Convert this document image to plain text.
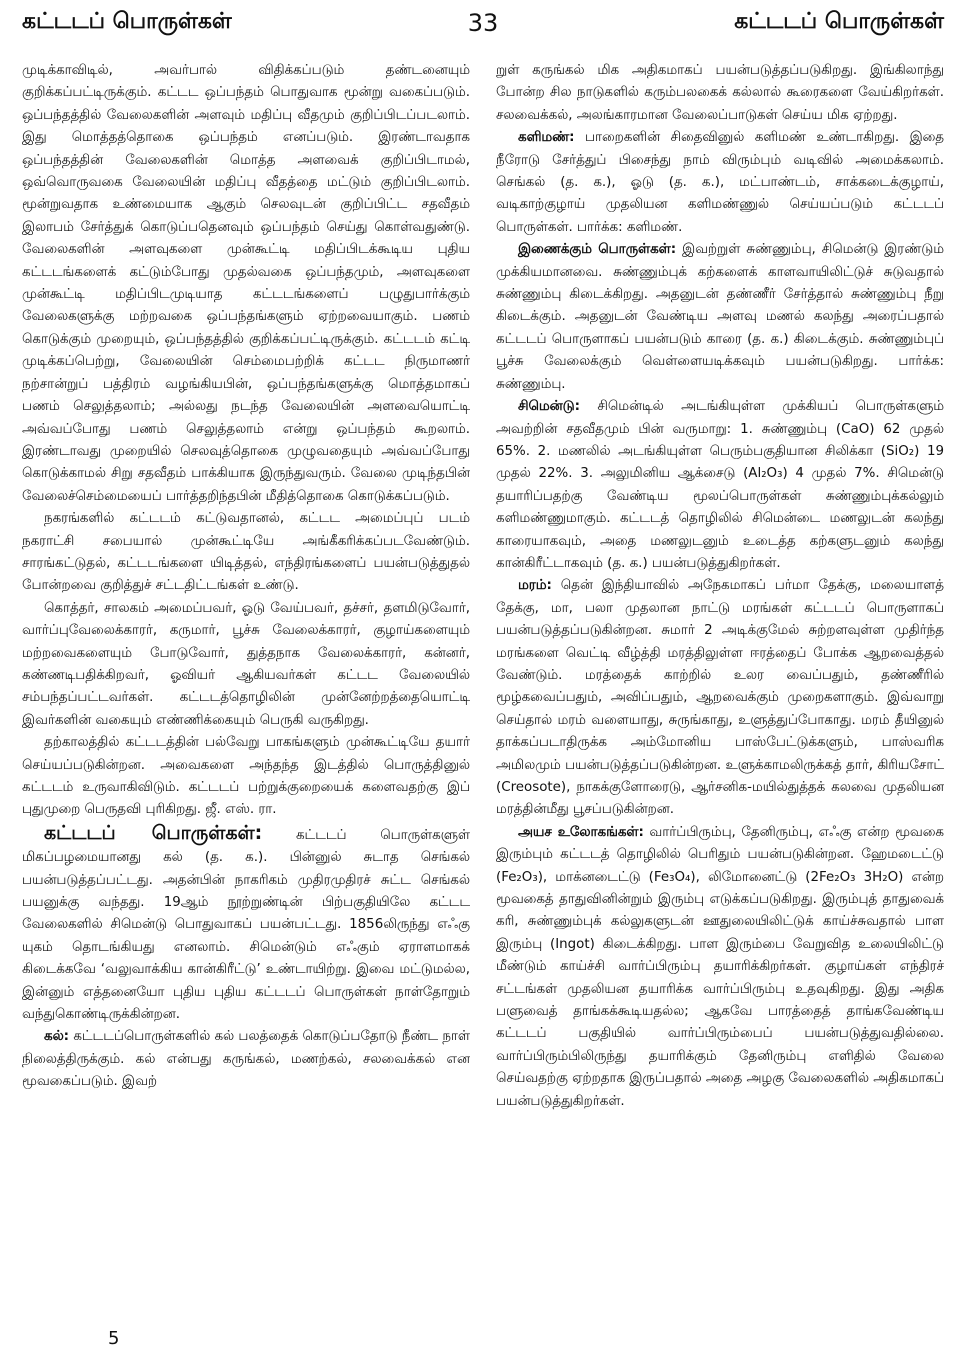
கட்டடப் பொருள்கள்	33	கட்டடப் பொருள்கள்

முடிக்காவிடில், அவர்பால் விதிக்கப்படும் தண்டனையும் குறிக்கப்பட்டிருக்கும். கட்டட ஒப்பந்தம் பொதுவாக மூன்று வகைப்படும். ஒப்பந்தத்தில் வேலைகளின் அளவும் மதிப்பு வீதமும் குறிப்பிடப்படலாம். இது மொத்தத்தொகை ஒப்பந்தம் எனப்படும். இரண்டாவதாக ஒப்பந்தத்தின் வேலைகளின் மொத்த அளவைக் குறிப்பிடாமல், ஒவ்வொருவகை வேலையின் மதிப்பு வீதத்தை மட்டும் குறிப்பிடலாம். மூன்றுவதாக உண்மையாக ஆகும் செலவுடன் குறிப்பிட்ட சதவீதம் இலாபம் சேர்த்துக் கொடுப்பதெனவும் ஒப்பந்தம் செய்து கொள்வதுண்டு. வேலைகளின் அளவுகளை முன்கூட்டி மதிப்பிடக்கூடிய புதிய கட்டடங்களைக் கட்டும்போது முதல்வகை ஒப்பந்தமும், அளவுகளை முன்கூட்டி மதிப்பிடமுடியாத கட்டடங்களைப் பழுதுபார்க்கும் வேலைகளுக்கு மற்றவகை ஒப்பந்தங்களும் ஏற்றவையாகும். பணம் கொடுக்கும் முறையும், ஒப்பந்தத்தில் குறிக்கப்பட்டிருக்கும். கட்டடம் கட்டி முடிக்கப்பெற்று, வேலையின் செம்மைபற்றிக் கட்டட நிருமாணர் நற்சான்றுப் பத்திரம் வழங்கியபின், ஒப்பந்தங்களுக்கு மொத்தமாகப் பணம் செலுத்தலாம்; அல்லது நடந்த வேலையின் அளவையொட்டி அவ்வப்போது பணம் செலுத்தலாம் என்று ஒப்பந்தம் கூறலாம். இரண்டாவது முறையில் செலவுத்தொகை முழுவதையும் அவ்வப்போது கொடுக்காமல் சிறு சதவீதம் பாக்கியாக இருந்துவரும். வேலை முடிந்தபின் வேலைச்செம்மையைப் பார்த்தறிந்தபின் மீதித்தொகை கொடுக்கப்படும்.

நகரங்களில் கட்டடம் கட்டுவதானல், கட்டட அமைப்புப் படம் நகராட்சி சபையால் முன்கூட்டியே அங்கீகரிக்கப்படவேண்டும். சாரங்கட்டுதல், கட்டடங்களை யிடித்தல், எந்திரங்களைப் பயன்படுத்துதல் போன்றவை குறித்துச் சட்டதிட்டங்கள் உண்டு.

கொத்தர், சாலகம் அமைப்பவர், ஓடு வேய்பவர், தச்சர், தளமிடுவோர், வார்ப்புவேலைக்காரர், கருமார், பூச்சு வேலைக்காரர், குழாய்களையும் மற்றவைகளையும் போடுவோர், துத்தநாக வேலைக்காரர், கன்னர், கண்ணடிபதிக்கிறவர், ஓவியர் ஆகியவர்கள் கட்டட வேலையில் சம்பந்தப்பட்டவர்கள். கட்டடத்தொழிலின் முன்னேற்றத்தையொட்டி இவர்களின் வகையும் எண்ணிக்கையும் பெருகி வருகிறது.

தற்காலத்தில் கட்டடத்தின் பல்வேறு பாகங்களும் முன்கூட்டியே தயார் செய்யப்படுகின்றன. அவைகளை அந்தந்த இடத்தில் பொருத்தினுல் கட்டடம் உருவாகிவிடும். கட்டடப் பற்றுக்குறையைக் களைவதற்கு இப் புதுமுறை பெருதவி புரிகிறது. ஜீ. எஸ். ரா.

கட்டடப் பொருள்கள்:	கட்டடப் பொருள்களுள் மிகப்பழமையானது கல் (த. க.). பின்னுல் சுடாத செங்கல் பயன்படுத்தப்பட்டது. அதன்பின் நாகரிகம் முதிரமுதிரச் சுட்ட செங்கல் பயனுக்கு வந்தது. 19ஆம் நூற்றுண்டின் பிற்பகுதியிலே கட்டட வேலைகளில் சிமென்டு பொதுவாகப் பயன்பட்டது. 1856லிருந்து எஃகு யுகம் தொடங்கியது எனலாம். சிமென்டும் எஃகும் ஏராளமாகக் கிடைக்கவே ‘வலுவாக்கிய கான்கிரீட்டு’ உண்டாயிற்று. இவை மட்டுமல்ல, இன்னும் எத்தனையோ புதிய புதிய கட்டடப் பொருள்கள் நாள்தோறும் வந்துகொண்டிருக்கின்றன.

கல்: கட்டடப்பொருள்களில் கல் பலத்தைக் கொடுப்பதோடு நீண்ட நாள் நிலைத்திருக்கும். கல் என்பது கருங்கல், மணற்கல், சலவைக்கல் என மூவகைப்படும். இவற்

றுள் கருங்கல் மிக அதிகமாகப் பயன்படுத்தப்படுகிறது. இங்கிலாந்து போன்ற சில நாடுகளில் கரும்பலகைக் கல்லால் கூரைகளை வேய்கிறர்கள். சலவைக்கல், அலங்காரமான வேலைப்பாடுகள் செய்ய மிக ஏற்றது.

களிமண்: பாறைகளின் சிதைவினுல் களிமண் உண்டாகிறது. இதை நீரோடு சேர்த்துப் பிசைந்து நாம் விரும்பும் வடிவில் அமைக்கலாம். செங்கல் (த. க.), ஓடு (த. க.), மட்பாண்டம், சாக்கடைக்குழாய், வடிகாற்குழாய் முதலியன களிமண்ணுல் செய்யப்படும் கட்டடப் பொருள்கள். பார்க்க: களிமண்.

இணைக்கும் பொருள்கள்: இவற்றுள் சுண்ணும்பு, சிமென்டு இரண்டும் முக்கியமானவை. சுண்ணும்புக் கற்களைக் காளவாயிலிட்டுச் சுடுவதால் சுண்ணும்பு கிடைக்கிறது. அதனுடன் தண்ணீர் சேர்த்தால் சுண்ணும்பு நீறு கிடைக்கும். அதனுடன் வேண்டிய அளவு மணல் கலந்து அரைப்பதால் கட்டடப் பொருளாகப் பயன்படும் காரை (த. க.) கிடைக்கும். சுண்ணும்புப் பூச்சு வேலைக்கும் வெள்ளையடிக்கவும் பயன்படுகிறது. பார்க்க: சுண்ணும்பு.

சிமென்டு: சிமென்டில் அடங்கியுள்ள முக்கியப் பொருள்களும் அவற்றின் சதவீதமும் பின் வருமாறு: 1. சுண்ணும்பு (CaO) 62 முதல் 65%. 2. மணலில் அடங்கியுள்ள பெரும்பகுதியான சிலிக்கா (SiO₂) 19 முதல் 22%. 3. அலுமினிய ஆக்சைடு (Al₂O₃) 4 முதல் 7%. சிமென்டு தயாரிப்பதற்கு வேண்டிய மூலப்பொருள்கள் சுண்ணும்புக்கல்லும் களிமண்ணுமாகும். கட்டடத் தொழிலில் சிமென்டை மணலுடன் கலந்து காரையாகவும், அதை மணலுடனும் உடைத்த கற்களுடனும் கலந்து கான்கிரீட்டாகவும் (த. க.) பயன்படுத்துகிறர்கள்.

மரம்: தென் இந்தியாவில் அநேகமாகப் பர்மா தேக்கு, மலையாளத் தேக்கு, மா, பலா முதலான நாட்டு மரங்கள் கட்டடப் பொருளாகப் பயன்படுத்தப்படுகின்றன. சுமார் 2 அடிக்குமேல் சுற்றளவுள்ள முதிர்ந்த மரங்களை வெட்டி வீழ்த்தி மரத்திலுள்ள ஈரத்தைப் போக்க ஆறவைத்தல் வேண்டும். மரத்தைக் காற்றில் உலர வைப்பதும், தண்ணீரில் மூழ்கவைப்பதும், அவிப்பதும், ஆறவைக்கும் முறைகளாகும். இவ்வாறு செய்தால் மரம் வளையாது, சுருங்காது, உளுத்துப்போகாது. மரம் தீயினுல் தாக்கப்படாதிருக்க அம்மோனிய பாஸ்பேட்டுக்களும், பாஸ்வரிக அமிலமும் பயன்படுத்தப்படுகின்றன. உளுக்காமலிருக்கத் தார், கிரியசோட் (Creosote), நாகக்குளோரைடு, ஆர்சனிக-மயில்துத்தக் கலவை முதலியன மரத்தின்மீது பூசப்படுகின்றன.

அயச உலோகங்கள்: வார்ப்பிரும்பு, தேனிரும்பு, எஃகு என்ற மூவகை இரும்பும் கட்டடத் தொழிலில் பெரிதும் பயன்படுகின்றன. ஹேமடைட்டு (Fe₂O₃), மாக்னடைட்டு (Fe₃O₄), லிமோனைட்டு (2Fe₂O₃ 3H₂O) என்ற மூவகைத் தாதுவினின்றும் இரும்பு எடுக்கப்படுகிறது. இரும்புத் தாதுவைக் கரி, சுண்ணும்புக் கல்லுகளுடன் ஊதுலையிலிட்டுக் காய்ச்சுவதால் பாள இரும்பு (Ingot) கிடைக்கிறது. பாள இரும்பை வேறுவித உலையிலிட்டு மீண்டும் காய்ச்சி வார்ப்பிரும்பு தயாரிக்கிறர்கள். குழாய்கள் எந்திரச் சட்டங்கள் முதலியன தயாரிக்க வார்ப்பிரும்பு உதவுகிறது. இது அதிக பளுவைத் தாங்கக்கூடியதல்ல; ஆகவே பாரத்தைத் தாங்கவேண்டிய கட்டடப் பகுதியில் வார்ப்பிரும்பைப் பயன்படுத்துவதில்லை. வார்ப்பிரும்பிலிருந்து தயாரிக்கும் தேனிரும்பு எளிதில் வேலை செய்வதற்கு ஏற்றதாக இருப்பதால் அதை அழகு வேலைகளில் அதிகமாகப் பயன்படுத்துகிறர்கள்.

5
